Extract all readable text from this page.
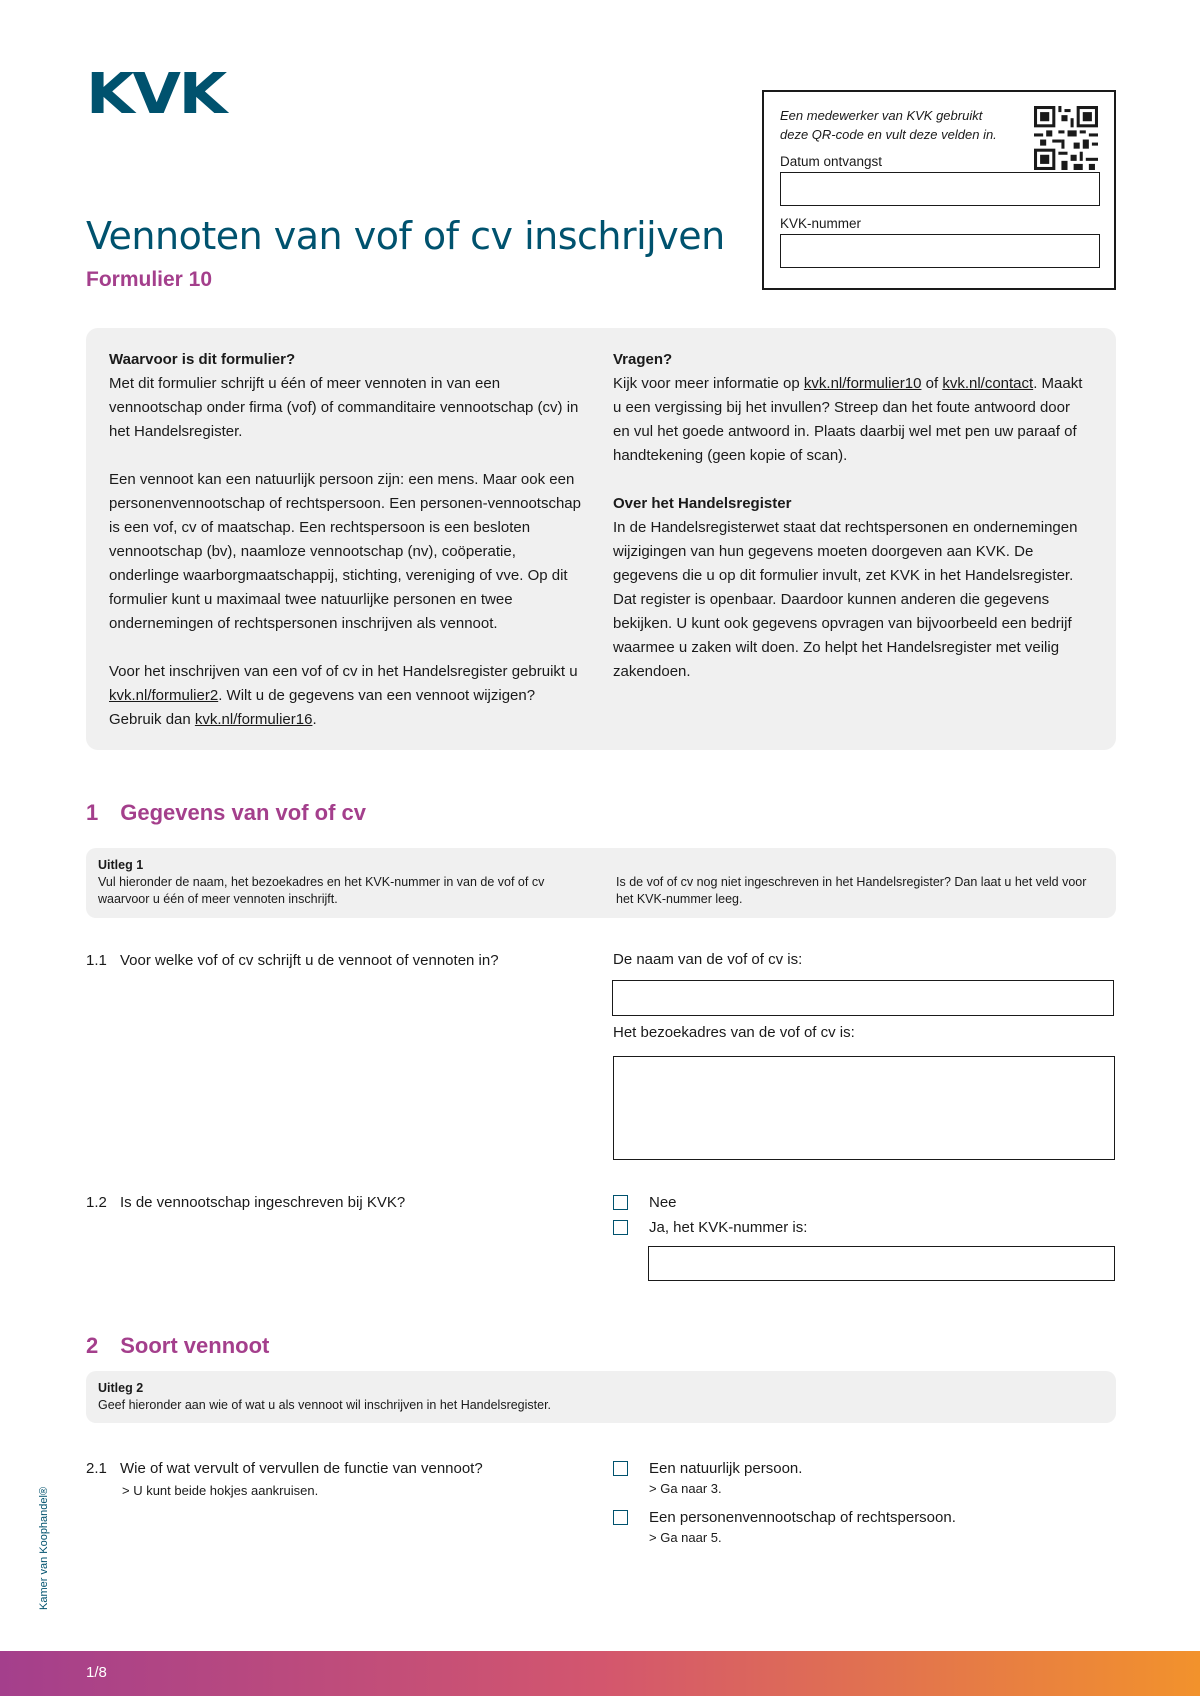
KVK	Een medewerker van KVK gebruikt deze QR-code en vult deze velden in.
Datum ontvangst
KVK-nummer
Vennoten van vof of cv inschrijven
Formulier 10
Waarvoor is dit formulier?

Met dit formulier schrijft u één of meer vennoten in van een vennootschap onder firma (vof) of commanditaire vennootschap (cv) in het Handelsregister.

Een vennoot kan een natuurlijk persoon zijn: een mens. Maar ook een personenvennootschap of rechtspersoon. Een personen-vennootschap is een vof, cv of maatschap. Een rechtspersoon is een besloten vennootschap (bv), naamloze vennootschap (nv), coöperatie, onderlinge waarborgmaatschappij, stichting, vereniging of vve. Op dit formulier kunt u maximaal twee natuurlijke personen en twee ondernemingen of rechtspersonen inschrijven als vennoot.

Voor het inschrijven van een vof of cv in het Handelsregister gebruikt u kvk.nl/formulier2. Wilt u de gegevens van een vennoot wijzigen? Gebruik dan kvk.nl/formulier16.

Vragen?

Kijk voor meer informatie op kvk.nl/formulier10 of kvk.nl/contact. Maakt u een vergissing bij het invullen? Streep dan het foute antwoord door en vul het goede antwoord in. Plaats daarbij wel met pen uw paraaf of handtekening (geen kopie of scan).

Over het Handelsregister

In de Handelsregisterwet staat dat rechtspersonen en ondernemingen wijzigingen van hun gegevens moeten doorgeven aan KVK. De gegevens die u op dit formulier invult, zet KVK in het Handelsregister. Dat register is openbaar. Daardoor kunnen anderen die gegevens bekijken. U kunt ook gegevens opvragen van bijvoorbeeld een bedrijf waarmee u zaken wilt doen. Zo helpt het Handelsregister met veilig zakendoen.

1 Gegevens van vof of cv
Uitleg 1
Vul hieronder de naam, het bezoekadres en het KVK-nummer in van de vof of cv waarvoor u één of meer vennoten inschrijft.
Is de vof of cv nog niet ingeschreven in het Handelsregister? Dan laat u het veld voor het KVK-nummer leeg.
1.1 Voor welke vof of cv schrijft u de vennoot of vennoten in?	De naam van de vof of cv is:
Het bezoekadres van de vof of cv is:
1.2 Is de vennootschap ingeschreven bij KVK?	Nee
Ja, het KVK-nummer is:
2 Soort vennoot
Uitleg 2
Geef hieronder aan wie of wat u als vennoot wil inschrijven in het Handelsregister.
2.1 Wie of wat vervult of vervullen de functie van vennoot?
> U kunt beide hokjes aankruisen.
Een natuurlijk persoon.
> Ga naar 3.
Een personenvennootschap of rechtspersoon.
> Ga naar 5.
Kamer van Koophandel®
1/8
